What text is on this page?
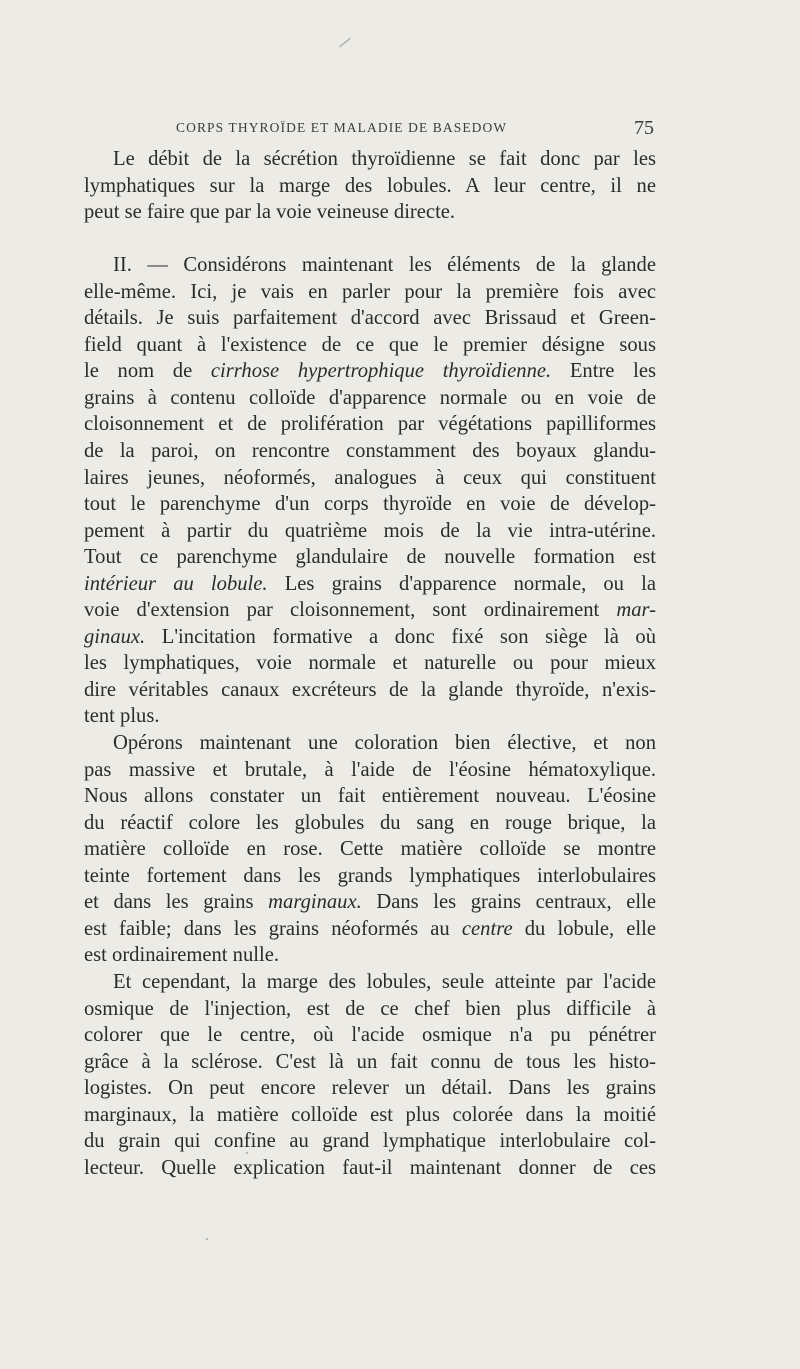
CORPS THYROÏDE ET MALADIE DE BASEDOW	75
Le débit de la sécrétion thyroïdienne se fait donc par les
lymphatiques sur la marge des lobules. A leur centre, il ne
peut se faire que par la voie veineuse directe.
II. — Considérons maintenant les éléments de la glande
elle-même. Ici, je vais en parler pour la première fois avec
détails. Je suis parfaitement d'accord avec Brissaud et Green-
field quant à l'existence de ce que le premier désigne sous
le nom de cirrhose hypertrophique thyroïdienne. Entre les
grains à contenu colloïde d'apparence normale ou en voie de
cloisonnement et de prolifération par végétations papilliformes
de la paroi, on rencontre constamment des boyaux glandu-
laires jeunes, néoformés, analogues à ceux qui constituent
tout le parenchyme d'un corps thyroïde en voie de dévelop-
pement à partir du quatrième mois de la vie intra-utérine.
Tout ce parenchyme glandulaire de nouvelle formation est
intérieur au lobule. Les grains d'apparence normale, ou la
voie d'extension par cloisonnement, sont ordinairement mar-
ginaux. L'incitation formative a donc fixé son siège là où
les lymphatiques, voie normale et naturelle ou pour mieux
dire véritables canaux excréteurs de la glande thyroïde, n'exis-
tent plus.
Opérons maintenant une coloration bien élective, et non
pas massive et brutale, à l'aide de l'éosine hématoxylique.
Nous allons constater un fait entièrement nouveau. L'éosine
du réactif colore les globules du sang en rouge brique, la
matière colloïde en rose. Cette matière colloïde se montre
teinte fortement dans les grands lymphatiques interlobulaires
et dans les grains marginaux. Dans les grains centraux, elle
est faible; dans les grains néoformés au centre du lobule, elle
est ordinairement nulle.
Et cependant, la marge des lobules, seule atteinte par l'acide
osmique de l'injection, est de ce chef bien plus difficile à
colorer que le centre, où l'acide osmique n'a pu pénétrer
grâce à la sclérose. C'est là un fait connu de tous les histo-
logistes. On peut encore relever un détail. Dans les grains
marginaux, la matière colloïde est plus colorée dans la moitié
du grain qui confine au grand lymphatique interlobulaire col-
lecteur. Quelle explication faut-il maintenant donner de ces
